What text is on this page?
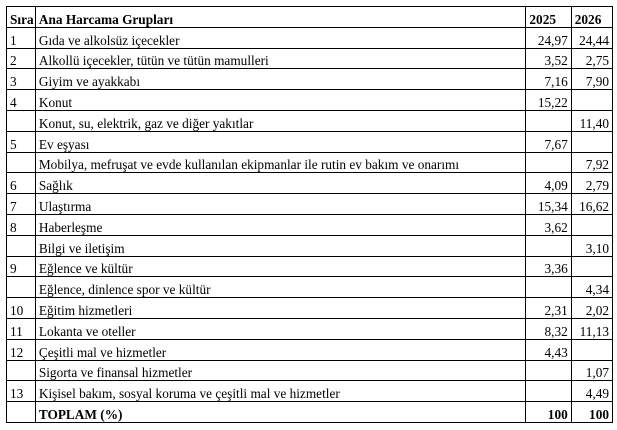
Sıra	Ana Harcama Grupları	2025	2026
1	Gıda ve alkolsüz içecekler	24,97	24,44
2	Alkollü içecekler, tütün ve tütün mamulleri	3,52	2,75
3	Giyim ve ayakkabı	7,16	7,90
4	Konut	15,22	
	Konut, su, elektrik, gaz ve diğer yakıtlar		11,40
5	Ev eşyası	7,67	
	Mobilya, mefruşat ve evde kullanılan ekipmanlar ile rutin ev bakım ve onarımı		7,92
6	Sağlık	4,09	2,79
7	Ulaştırma	15,34	16,62
8	Haberleşme	3,62	
	Bilgi ve iletişim		3,10
9	Eğlence ve kültür	3,36	
	Eğlence, dinlence spor ve kültür		4,34
10	Eğitim hizmetleri	2,31	2,02
11	Lokanta ve oteller	8,32	11,13
12	Çeşitli mal ve hizmetler	4,43	
	Sigorta ve finansal hizmetler		1,07
13	Kişisel bakım, sosyal koruma ve çeşitli mal ve hizmetler		4,49
	TOPLAM (%)	100	100
